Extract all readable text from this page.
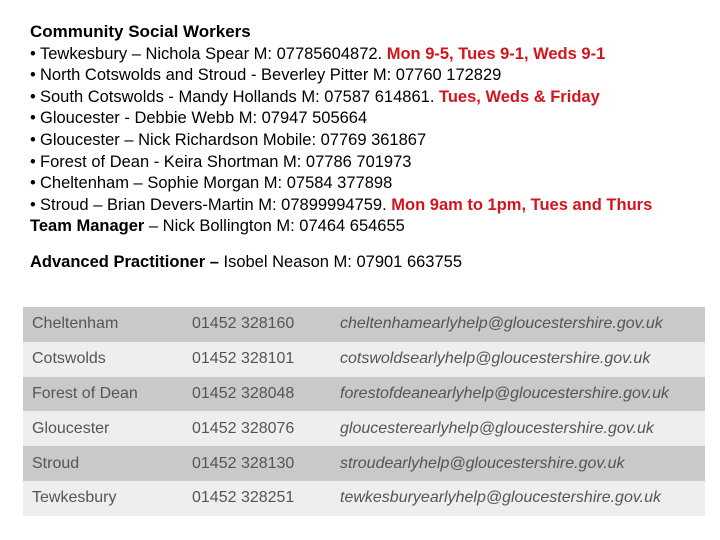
Community Social Workers
• Tewkesbury – Nichola Spear M: 07785604872. Mon 9-5, Tues 9-1, Weds 9-1
• North Cotswolds and Stroud - Beverley Pitter M: 07760 172829
• South Cotswolds - Mandy Hollands M: 07587 614861. Tues, Weds & Friday
• Gloucester - Debbie Webb M: 07947 505664
• Gloucester – Nick Richardson Mobile: 07769 361867
• Forest of Dean - Keira Shortman M: 07786 701973
• Cheltenham – Sophie Morgan M: 07584 377898
• Stroud – Brian Devers-Martin M: 07899994759. Mon 9am to 1pm, Tues and Thurs
Team Manager – Nick Bollington M: 07464 654655
Advanced Practitioner – Isobel Neason M: 07901 663755
Cheltenham	01452 328160	cheltenhamearlyhelp@gloucestershire.gov.uk
Cotswolds	01452 328101	cotswoldsearlyhelp@gloucestershire.gov.uk
Forest of Dean	01452 328048	forestofdeanearlyhelp@gloucestershire.gov.uk
Gloucester	01452 328076	gloucesterearlyhelp@gloucestershire.gov.uk
Stroud	01452 328130	stroudearlyhelp@gloucestershire.gov.uk
Tewkesbury	01452 328251	tewkesburyearlyhelp@gloucestershire.gov.uk
